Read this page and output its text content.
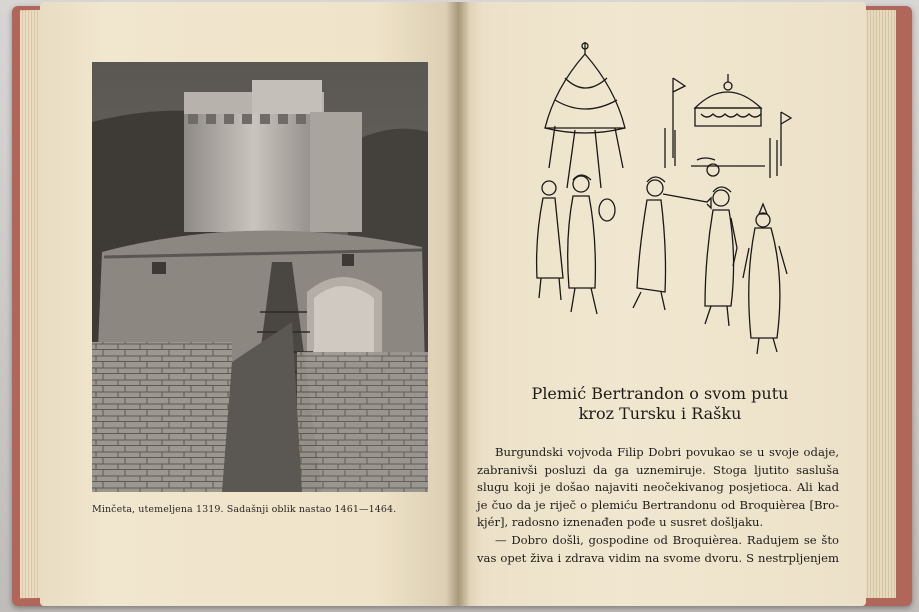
Minčeta, utemeljena 1319. Sadašnji oblik nastao 1461—1464.
Plemić Bertrandon o svom putu
kroz Tursku i Rašku
Burgundski vojvoda Filip Dobri povukao se u svoje odaje,
zabranivši posluzi da ga uznemiruje. Stoga ljutito sasluša
slugu koji je došao najaviti neočekivanog posjetioca. Ali kad
je čuo da je riječ o plemiću Bertrandonu od Broquièrea [Bro-
kjér], radosno iznenađen pođe u susret došljaku.
— Dobro došli, gospodine od Broquièrea. Radujem se što
vas opet živa i zdrava vidim na svome dvoru. S nestrpljenjem
